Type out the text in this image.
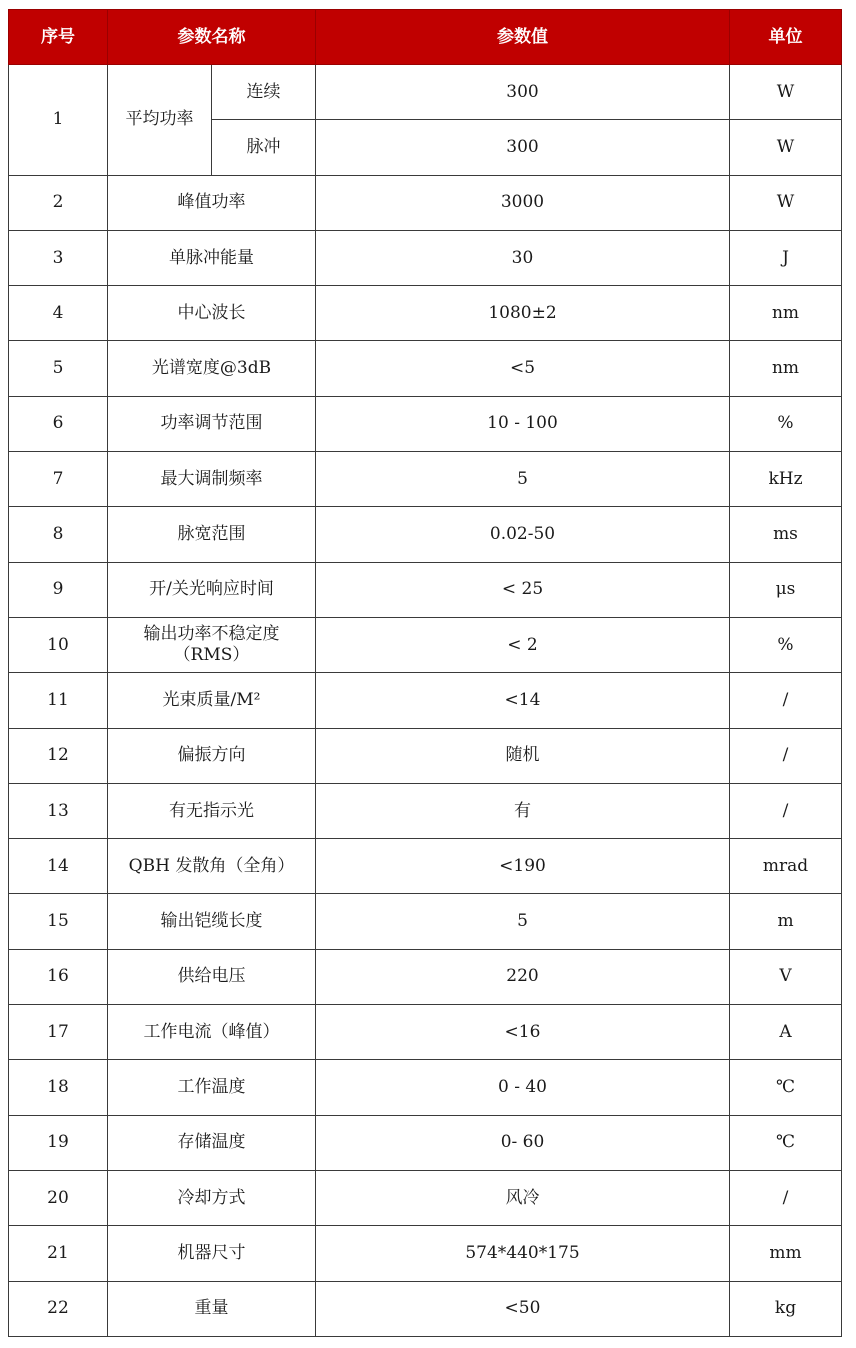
序号	参数名称		参数值	单位
1	平均功率	连续	300	W
		脉冲	300	W
2	峰值功率		3000	W
3	单脉冲能量		30	J
4	中心波长		1080±2	nm
5	光谱宽度@3dB		<5	nm
6	功率调节范围		10 - 100	%
7	最大调制频率		5	kHz
8	脉宽范围		0.02-50	ms
9	开/关光响应时间		< 25	μs
10	输出功率不稳定度
（RMS）		< 2	%
11	光束质量/M²		<14	/
12	偏振方向		随机	/
13	有无指示光		有	/
14	QBH 发散角（全角）		<190	mrad
15	输出铠缆长度		5	m
16	供给电压		220	V
17	工作电流（峰值）		<16	A
18	工作温度		0 - 40	℃
19	存储温度		0- 60	℃
20	冷却方式		风冷	/
21	机器尺寸		574*440*175	mm
22	重量		<50	kg
